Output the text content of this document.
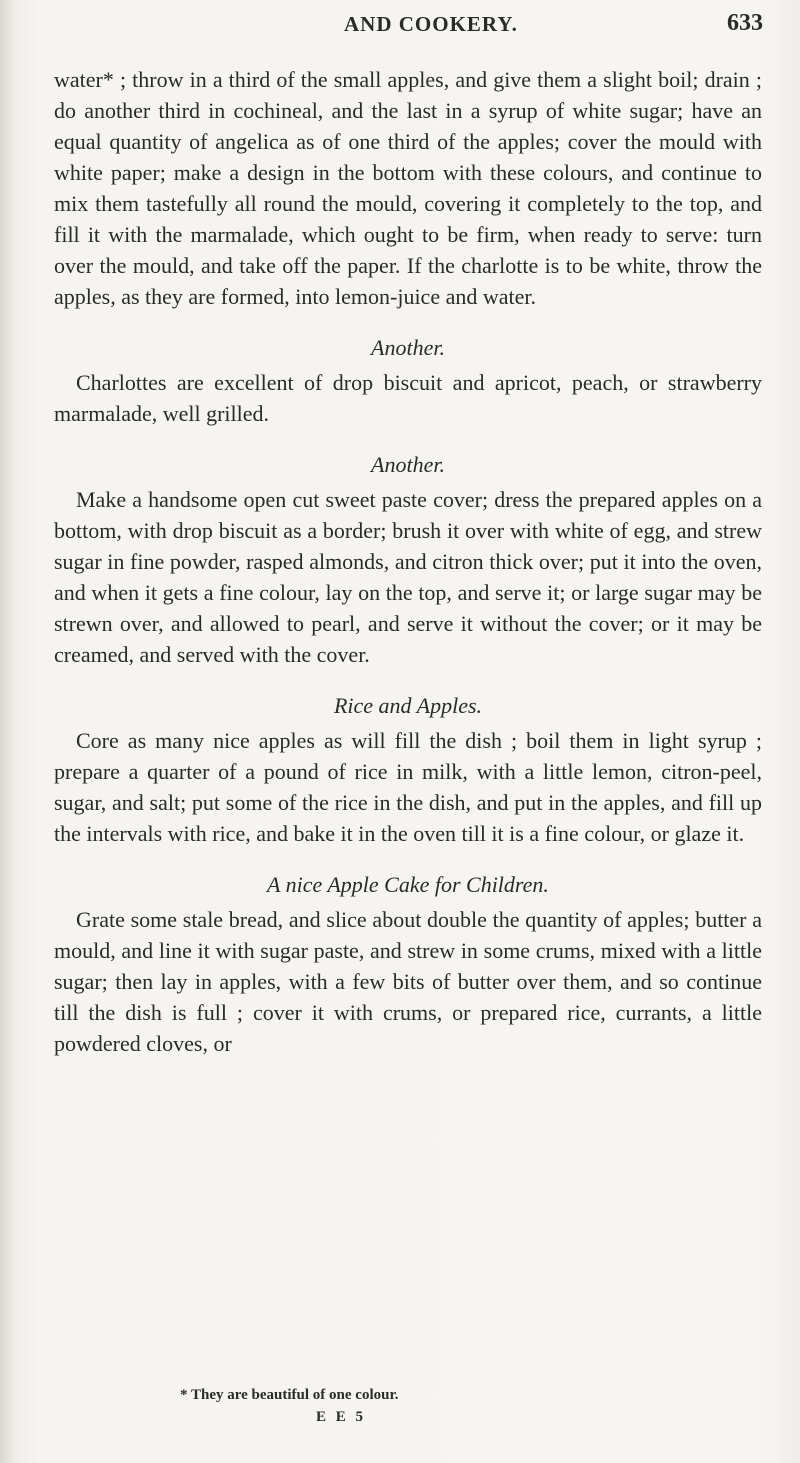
AND COOKERY.	633

water* ; throw in a third of the small apples, and give them a slight boil; drain ; do another third in cochineal, and the last in a syrup of white sugar; have an equal quantity of angelica as of one third of the apples; cover the mould with white paper; make a design in the bottom with these colours, and continue to mix them tastefully all round the mould, covering it completely to the top, and fill it with the marmalade, which ought to be firm, when ready to serve: turn over the mould, and take off the paper. If the charlotte is to be white, throw the apples, as they are formed, into lemon-juice and water.

Another.

Charlottes are excellent of drop biscuit and apricot, peach, or strawberry marmalade, well grilled.

Another.

Make a handsome open cut sweet paste cover; dress the prepared apples on a bottom, with drop biscuit as a border; brush it over with white of egg, and strew sugar in fine powder, rasped almonds, and citron thick over; put it into the oven, and when it gets a fine colour, lay on the top, and serve it; or large sugar may be strewn over, and allowed to pearl, and serve it without the cover; or it may be creamed, and served with the cover.

Rice and Apples.

Core as many nice apples as will fill the dish ; boil them in light syrup ; prepare a quarter of a pound of rice in milk, with a little lemon, citron-peel, sugar, and salt; put some of the rice in the dish, and put in the apples, and fill up the intervals with rice, and bake it in the oven till it is a fine colour, or glaze it.

A nice Apple Cake for Children.

Grate some stale bread, and slice about double the quantity of apples; butter a mould, and line it with sugar paste, and strew in some crums, mixed with a little sugar; then lay in apples, with a few bits of butter over them, and so continue till the dish is full ; cover it with crums, or prepared rice, currants, a little powdered cloves, or

* They are beautiful of one colour.
E E 5
